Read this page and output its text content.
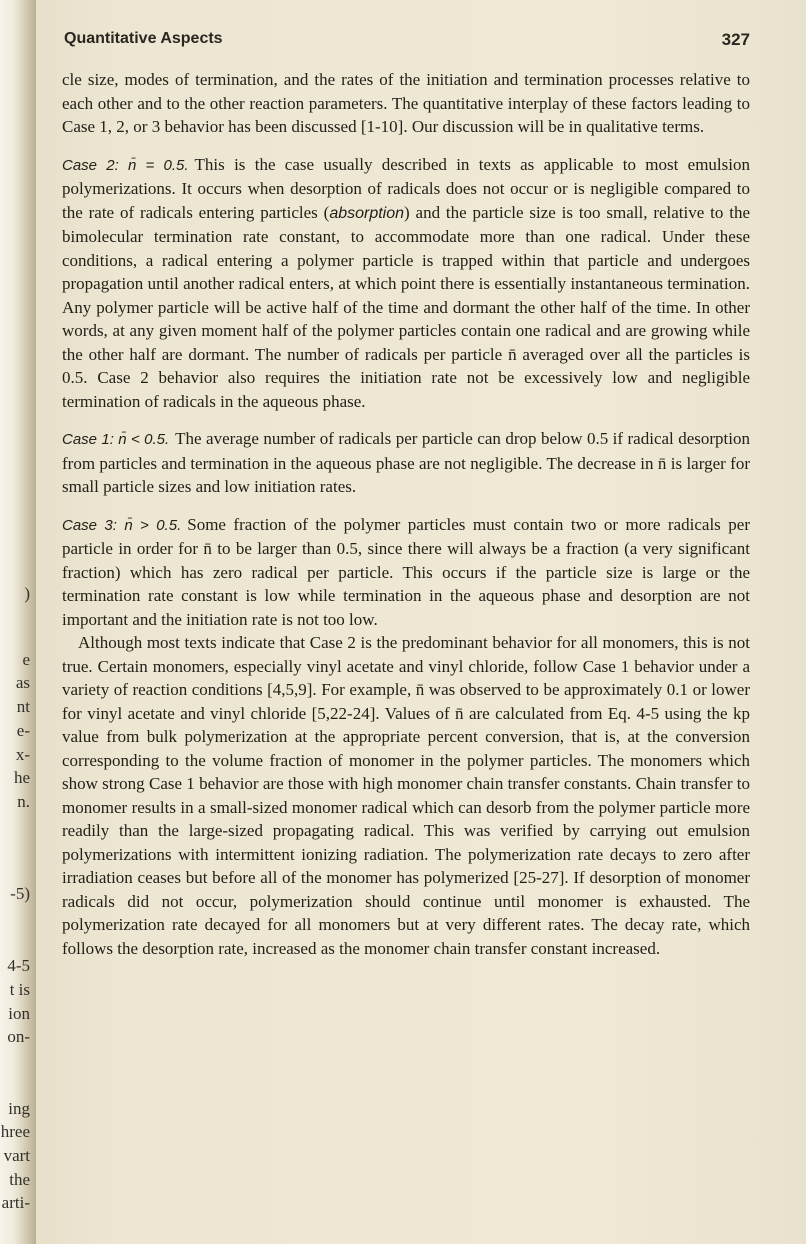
)
e
as
nt
e-
x-
he
n.
-5)
4-5
t is
ion
on-
ing
hree
vart
the
arti-
Quantitative Aspects	327

cle size, modes of termination, and the rates of the initiation and termination processes relative to each other and to the other reaction parameters. The quantitative interplay of these factors leading to Case 1, 2, or 3 behavior has been discussed [1-10]. Our discussion will be in qualitative terms.

Case 2: n̄ = 0.5. This is the case usually described in texts as applicable to most emulsion polymerizations. It occurs when desorption of radicals does not occur or is negligible compared to the rate of radicals entering particles (absorption) and the particle size is too small, relative to the bimolecular termination rate constant, to accommodate more than one radical. Under these conditions, a radical entering a polymer particle is trapped within that particle and undergoes propagation until another radical enters, at which point there is essentially instantaneous termination. Any polymer particle will be active half of the time and dormant the other half of the time. In other words, at any given moment half of the polymer particles contain one radical and are growing while the other half are dormant. The number of radicals per particle n̄ averaged over all the particles is 0.5. Case 2 behavior also requires the initiation rate not be excessively low and negligible termination of radicals in the aqueous phase.

Case 1: n̄ < 0.5. The average number of radicals per particle can drop below 0.5 if radical desorption from particles and termination in the aqueous phase are not negligible. The decrease in n̄ is larger for small particle sizes and low initiation rates.

Case 3: n̄ > 0.5. Some fraction of the polymer particles must contain two or more radicals per particle in order for n̄ to be larger than 0.5, since there will always be a fraction (a very significant fraction) which has zero radical per particle. This occurs if the particle size is large or the termination rate constant is low while termination in the aqueous phase and desorption are not important and the initiation rate is not too low.

Although most texts indicate that Case 2 is the predominant behavior for all monomers, this is not true. Certain monomers, especially vinyl acetate and vinyl chloride, follow Case 1 behavior under a variety of reaction conditions [4,5,9]. For example, n̄ was observed to be approximately 0.1 or lower for vinyl acetate and vinyl chloride [5,22-24]. Values of n̄ are calculated from Eq. 4-5 using the kp value from bulk polymerization at the appropriate percent conversion, that is, at the conversion corresponding to the volume fraction of monomer in the polymer particles. The monomers which show strong Case 1 behavior are those with high monomer chain transfer constants. Chain transfer to monomer results in a small-sized monomer radical which can desorb from the polymer particle more readily than the large-sized propagating radical. This was verified by carrying out emulsion polymerizations with intermittent ionizing radiation. The polymerization rate decays to zero after irradiation ceases but before all of the monomer has polymerized [25-27]. If desorption of monomer radicals did not occur, polymerization should continue until monomer is exhausted. The polymerization rate decayed for all monomers but at very different rates. The decay rate, which follows the desorption rate, increased as the monomer chain transfer constant increased.
